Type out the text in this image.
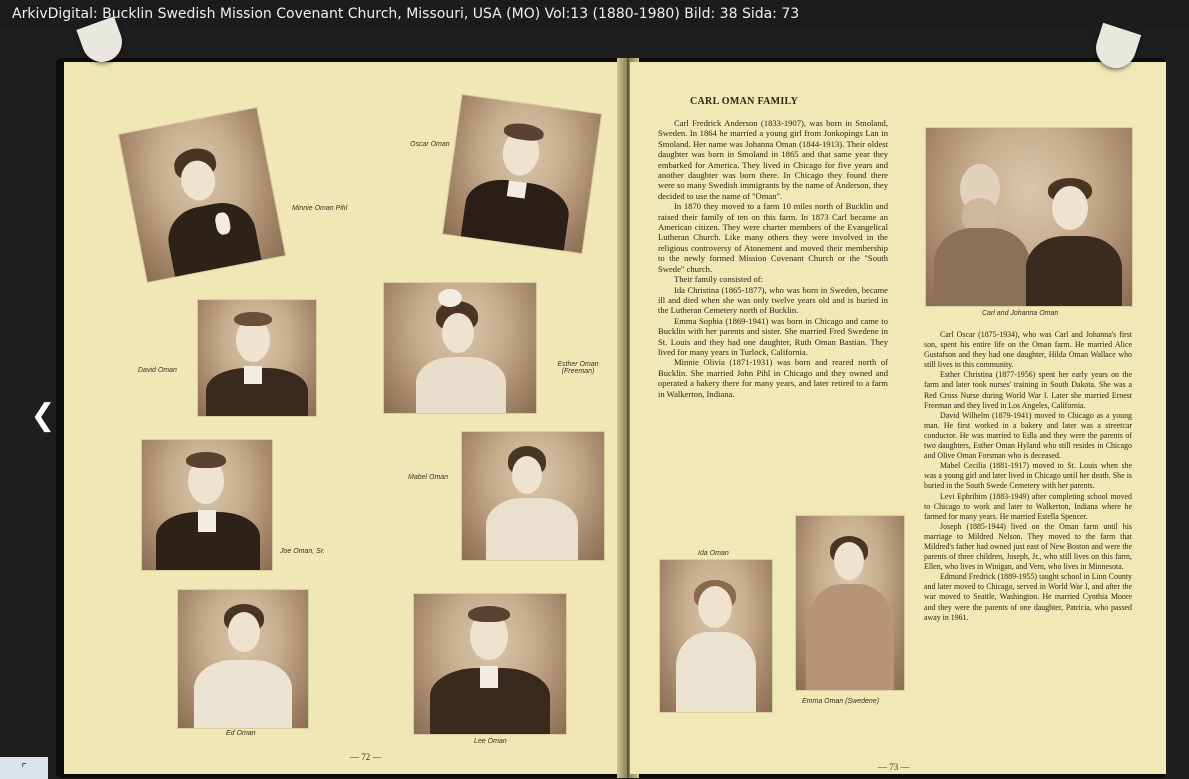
ArkivDigital: Bucklin Swedish Mission Covenant Church, Missouri, USA (MO) Vol:13 (1880-1980) Bild: 38 Sida: 73
Minnie Oman Pihl
Oscar Oman
David Oman
Esther Oman (Freeman)
Mabel Oman
Joe Oman, Sr.
Ed Oman
Lee Oman
— 72 —
CARL OMAN FAMILY

Carl Fredrick Anderson (1833-1907), was born in Smoland, Sweden. In 1864 he married a young girl from Jonkopings Lan in Smoland. Her name was Johanna Oman (1844-1913). Their oldest daughter was born in Smoland in 1865 and that same year they embarked for America. They lived in Chicago for five years and another daughter was born there. In Chicago they found there were so many Swedish immigrants by the name of Anderson, they decided to use the name of "Oman".

In 1870 they moved to a farm 10 miles north of Bucklin and raised their family of ten on this farm. In 1873 Carl became an American citizen. They were charter members of the Evangelical Lutheran Church. Like many others they were involved in the religious controversy of Atonement and moved their membership to the newly formed Mission Covenant Church or the "South Swede" church.

Their family consisted of:

Ida Christina (1865-1877), who was born in Sweden, became ill and died when she was only twelve years old and is buried in the Lutheran Cemetery north of Bucklin.

Emma Sophia (1869-1941) was born in Chicago and came to Bucklin with her parents and sister. She married Fred Swedene in St. Louis and they had one daughter, Ruth Oman Bastian. They lived for many years in Turlock, California.

Minnie Olivia (1871-1931) was born and reared north of Bucklin. She married John Pihl in Chicago and they owned and operated a bakery there for many years, and later retired to a farm in Walkerton, Indiana.

Carl and Johanna Oman

Carl Oscar (1875-1934), who was Carl and Johanna's first son, spent his entire life on the Oman farm. He married Alice Gustafson and they had one daughter, Hilda Oman Wallace who still lives in this community.

Esther Christina (1877-1956) spent her early years on the farm and later took nurses' training in South Dakota. She was a Red Cross Nurse during World War I. Later she married Ernest Freeman and they lived in Los Angeles, California.

David Wilhelm (1879-1941) moved to Chicago as a young man. He first worked in a bakery and later was a streetcar conductor. He was married to Edla and they were the parents of two daughters, Esther Oman Hyland who still resides in Chicago and Olive Oman Forsman who is deceased.

Mabel Cecilia (1881-1917) moved to St. Louis when she was a young girl and later lived in Chicago until her death. She is buried in the South Swede Cemetery with her parents.

Levi Ephrihim (1883-1949) after completing school moved to Chicago to work and later to Walkerton, Indiana where he farmed for many years. He married Estella Spencer.

Joseph (1885-1944) lived on the Oman farm until his marriage to Mildred Nelson. They moved to the farm that Mildred's father had owned just east of New Boston and were the parents of three children, Joseph, Jr., who still lives on this farm, Ellen, who lives in Winigan, and Vern, who lives in Minnesota.

Edmund Fredrick (1889-1955) taught school in Linn County and later moved to Chicago, served in World War I, and after the war moved to Seattle, Washington. He married Cynthia Moore and they were the parents of one daughter, Patricia, who passed away in 1961.

Ida Oman
Emma Oman (Swedene)
— 73 —
❮
⌜
